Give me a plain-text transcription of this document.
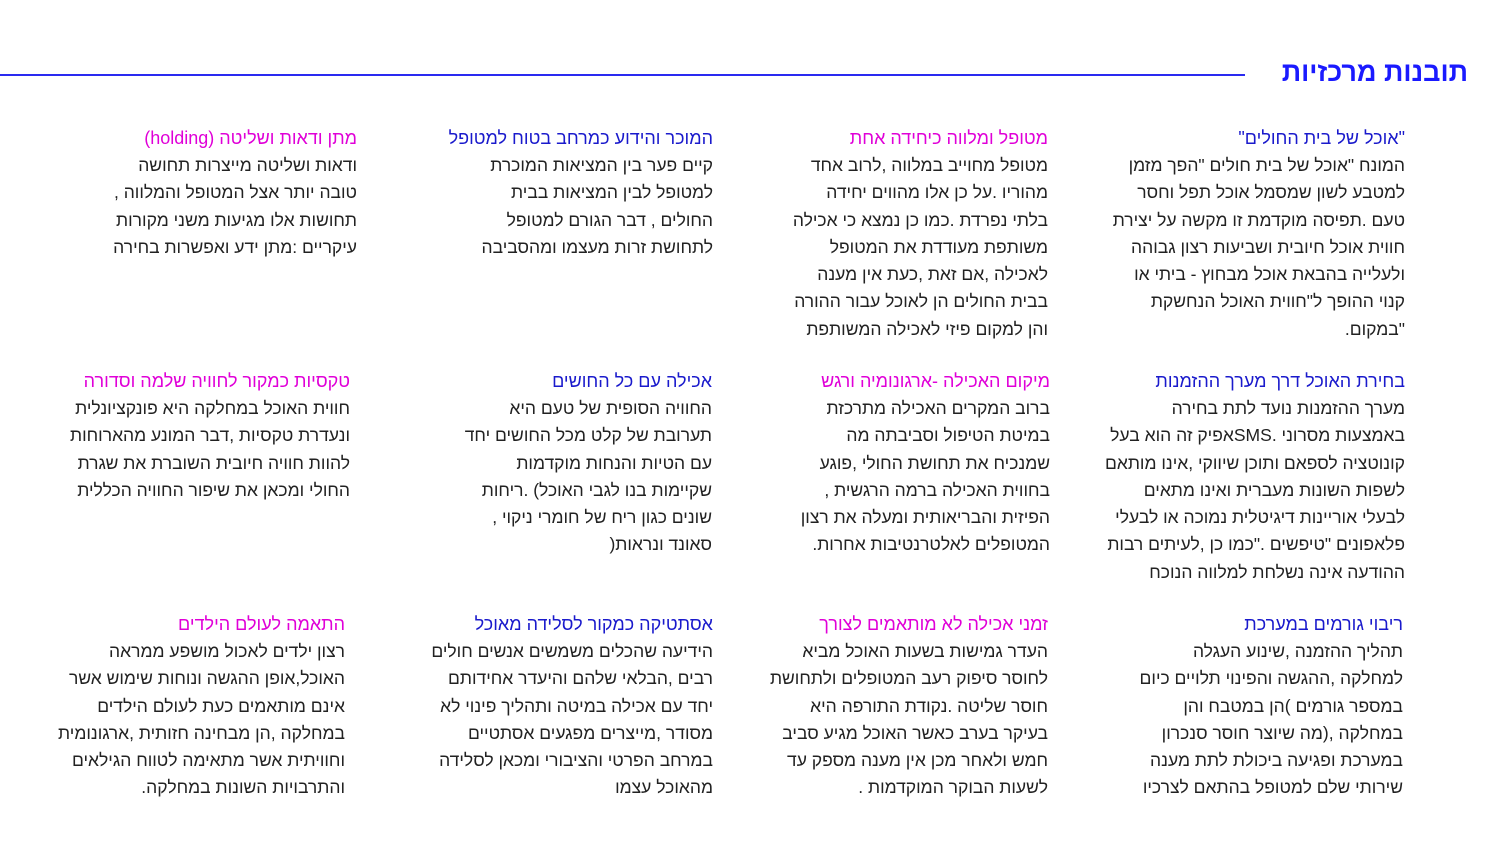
תובנות מרכזיות
"אוכל של בית החולים"

המונח "אוכל של בית חולים "הפך מזמן למטבע לשון שמסמל אוכל תפל וחסר טעם .תפיסה מוקדמת זו מקשה על יצירת חווית אוכל חיובית ושביעות רצון גבוהה ולעלייה בהבאת אוכל מבחוץ - ביתי או קנוי ההופך ל"חווית האוכל הנחשקת "במקום.

מטופל ומלווה כיחידה אחת

מטופל מחוייב במלווה ,לרוב אחד מהוריו .על כן אלו מהווים יחידה בלתי נפרדת .כמו כן נמצא כי אכילה משותפת מעודדת את המטופל לאכילה ,אם זאת ,כעת אין מענה בבית החולים הן לאוכל עבור ההורה והן למקום פיזי לאכילה המשותפת

המוכר והידוע כמרחב בטוח למטופל

קיים פער בין המציאות המוכרת למטופל לבין המציאות בבית החולים , דבר הגורם למטופל לתחושת זרות מעצמו ומהסביבה

מתן ודאות ושליטה (holding)

ודאות ושליטה מייצרות תחושה טובה יותר אצל המטופל והמלווה , תחושות אלו מגיעות משני מקורות עיקריים :מתן ידע ואפשרות בחירה

בחירת האוכל דרך מערך ההזמנות

מערך ההזמנות נועד לתת בחירה באמצעות מסרוני .SMSאפיק זה הוא בעל קונוטציה לספאם ותוכן שיווקי ,אינו מותאם לשפות השונות מעברית ואינו מתאים לבעלי אוריינות דיגיטלית נמוכה או לבעלי פלאפונים "טיפשים ."כמו כן ,לעיתים רבות ההודעה אינה נשלחת למלווה הנוכח

מיקום האכילה -ארגונומיה ורגש

ברוב המקרים האכילה מתרכזת במיטת הטיפול וסביבתה מה שמנכיח את תחושת החולי ,פוגע בחווית האכילה ברמה הרגשית , הפיזית והבריאותית ומעלה את רצון המטופלים לאלטרנטיבות אחרות.

אכילה עם כל החושים

החוויה הסופית של טעם היא תערובת של קלט מכל החושים יחד עם הטיות והנחות מוקדמות שקיימות בנו לגבי האוכל) .ריחות שונים כגון ריח של חומרי ניקוי , סאונד ונראות(

טקסיות כמקור לחוויה שלמה וסדורה

חווית האוכל במחלקה היא פונקציונלית ונעדרת טקסיות ,דבר המונע מהארוחות להוות חוויה חיובית השוברת את שגרת החולי ומכאן את שיפור החוויה הכללית

ריבוי גורמים במערכת

תהליך ההזמנה ,שינוע העגלה למחלקה ,ההגשה והפינוי תלויים כיום במספר גורמים )הן במטבח והן במחלקה ,(מה שיוצר חוסר סנכרון במערכת ופגיעה ביכולת לתת מענה שירותי שלם למטופל בהתאם לצרכיו

זמני אכילה לא מותאמים לצורך

העדר גמישות בשעות האוכל מביא לחוסר סיפוק רעב המטופלים ולתחושת חוסר שליטה .נקודת התורפה היא בעיקר בערב כאשר האוכל מגיע סביב חמש ולאחר מכן אין מענה מספק עד לשעות הבוקר המוקדמות .

אסתטיקה כמקור לסלידה מאוכל

הידיעה שהכלים משמשים אנשים חולים רבים ,הבלאי שלהם והיעדר אחידותם יחד עם אכילה במיטה ותהליך פינוי לא מסודר ,מייצרים מפגעים אסתטיים במרחב הפרטי והציבורי ומכאן לסלידה מהאוכל עצמו

התאמה לעולם הילדים

רצון ילדים לאכול מושפע ממראה האוכל,אופן ההגשה ונוחות שימוש אשר אינם מותאמים כעת לעולם הילדים במחלקה ,הן מבחינה חזותית ,ארגונומית וחוויתית אשר מתאימה לטווח הגילאים והתרבויות השונות במחלקה.
